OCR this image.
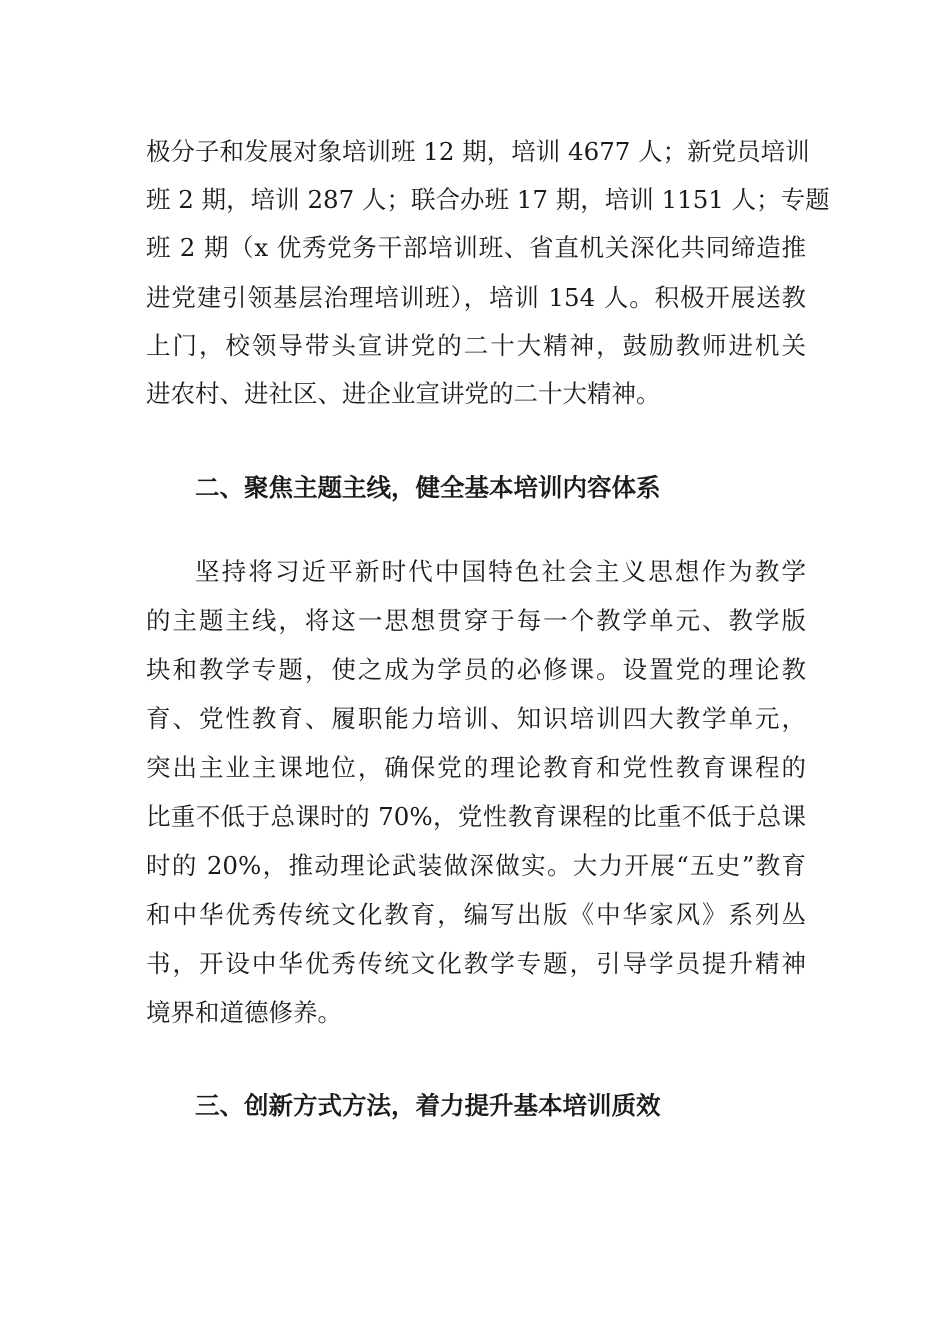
极分子和发展对象培训班 12 期，培训 4677 人；新党员培训
班 2 期，培训 287 人；联合办班 17 期，培训 1151 人；专题
班 2 期（x 优秀党务干部培训班、省直机关深化共同缔造推
进党建引领基层治理培训班），培训 154 人。积极开展送教
上门，校领导带头宣讲党的二十大精神，鼓励教师进机关
进农村、进社区、进企业宣讲党的二十大精神。
二、聚焦主题主线，健全基本培训内容体系
坚持将习近平新时代中国特色社会主义思想作为教学
的主题主线，将这一思想贯穿于每一个教学单元、教学版
块和教学专题，使之成为学员的必修课。设置党的理论教
育、党性教育、履职能力培训、知识培训四大教学单元，
突出主业主课地位，确保党的理论教育和党性教育课程的
比重不低于总课时的 70%，党性教育课程的比重不低于总课
时的 20%，推动理论武装做深做实。大力开展“五史”教育
和中华优秀传统文化教育，编写出版《中华家风》系列丛
书，开设中华优秀传统文化教学专题，引导学员提升精神
境界和道德修养。
三、创新方式方法，着力提升基本培训质效
